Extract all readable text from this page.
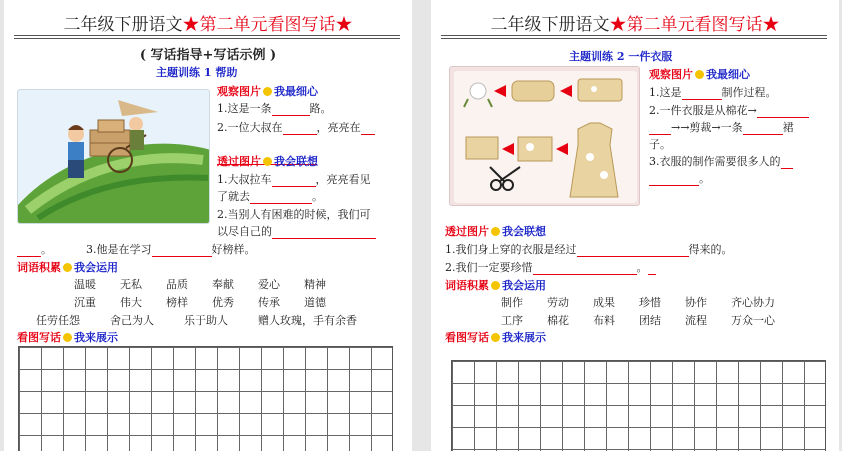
二年级下册语文★第二单元看图写话★
( 写话指导+写话示例 )
主题训练 1 帮助
观察图片 我最细心
1.这是一条	路。
2.一位大叔在	，亮亮在
透过图片 我会联想
1.大叔拉车	，亮亮看见
了就去	。
2.当别人有困难的时候，我们可
以尽自己的
。	3.他是在学习	好榜样。
词语积累 我会运用
温暖 无私 品质 奉献 爱心 精神
沉重 伟大 榜样 优秀 传承 道德
任劳任怨	舍己为人	乐于助人	赠人玫瑰，手有余香
看图写话 我来展示
二年级下册语文★第二单元看图写话★
主题训练 2 一件衣服
观察图片 我最细心
1.这是	制作过程。
2.一件衣服是从棉花→
→→剪裁→一条	裙
子。
3.衣服的制作需要很多人的
。
透过图片 我会联想
1.我们身上穿的衣服是经过	得来的。
2.我们一定要珍惜	。
词语积累 我会运用
制作 劳动 成果 珍惜 协作 齐心协力
工序 棉花 布料 团结 流程 万众一心
看图写话 我来展示
